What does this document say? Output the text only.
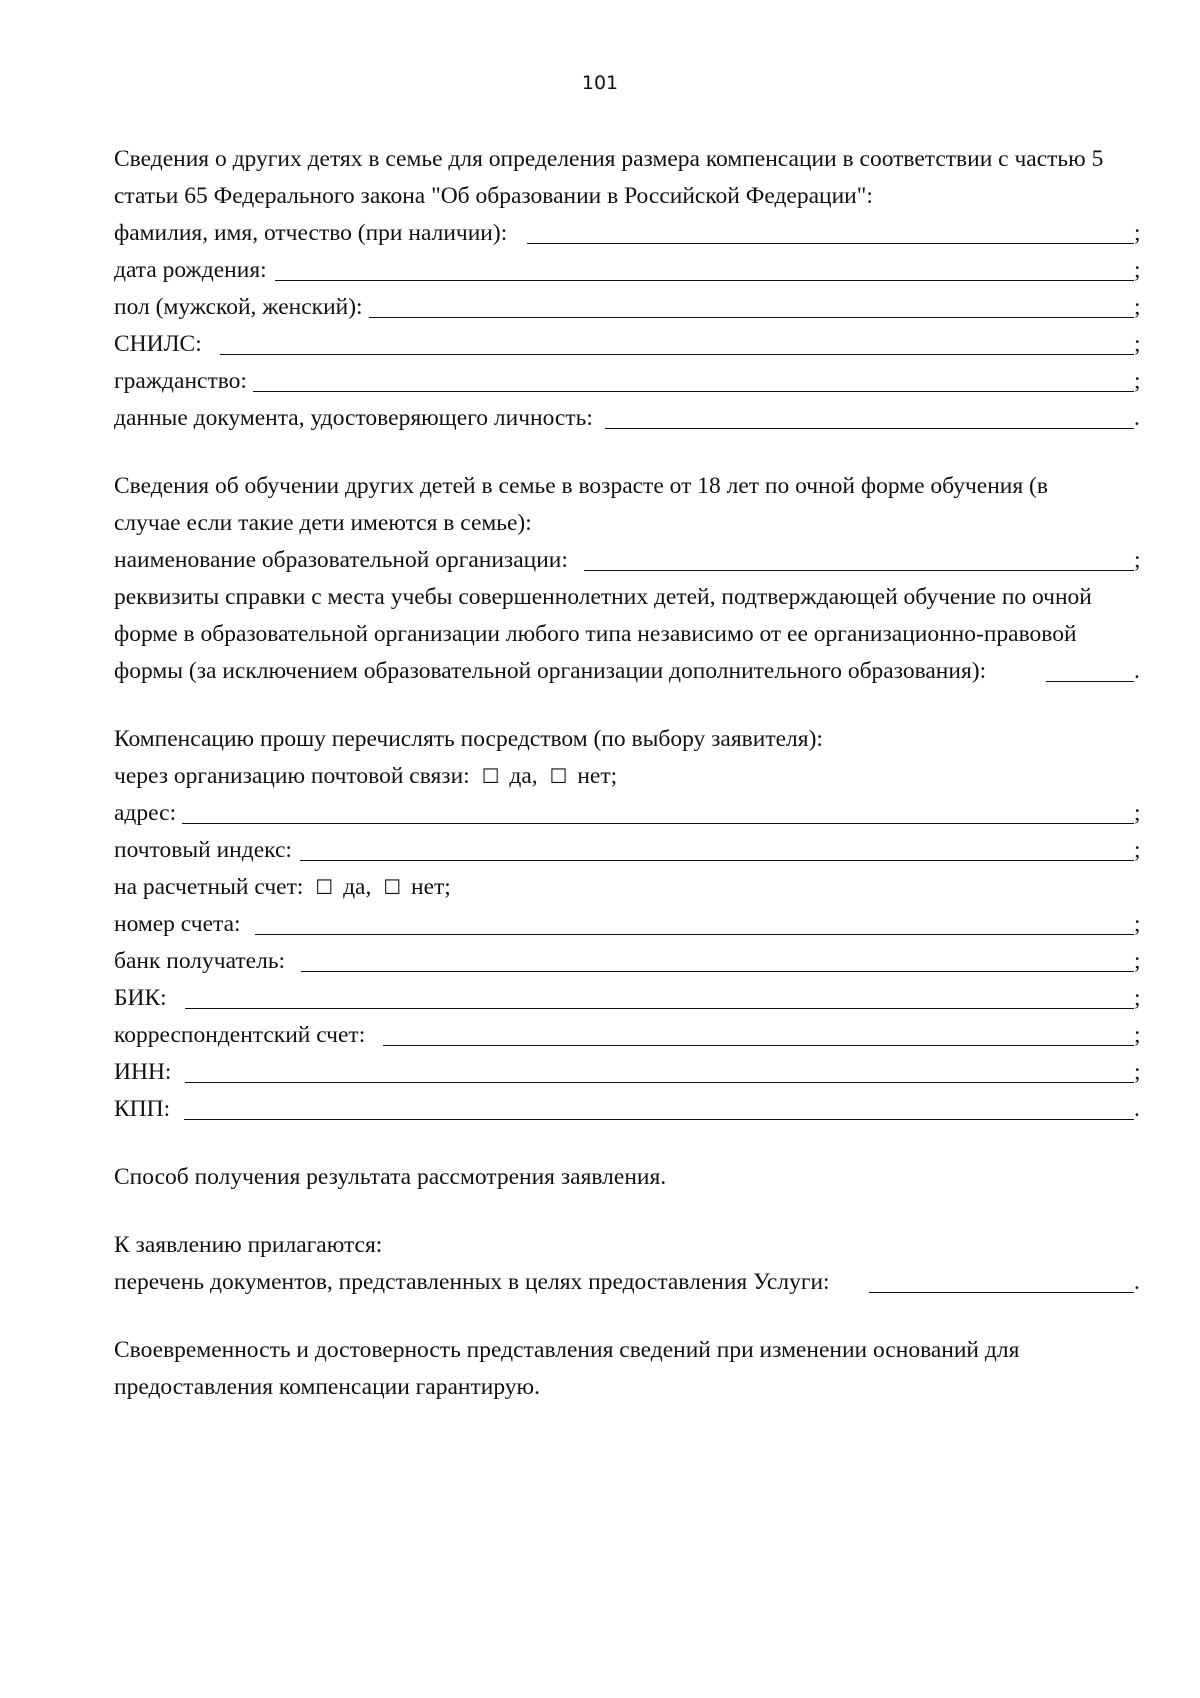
101
Сведения о других детях в семье для определения размера компенсации в соответствии с частью 5
статьи 65 Федерального закона "Об образовании в Российской Федерации":
фамилия, имя, отчество (при наличии):	;
дата рождения:	;
пол (мужской, женский):	;
СНИЛС:	;
гражданство:	;
данные документа, удостоверяющего личность:	.
Сведения об обучении других детей в семье в возрасте от 18 лет по очной форме обучения (в
случае если такие дети имеются в семье):
наименование образовательной организации:	;
реквизиты справки с места учебы совершеннолетних детей, подтверждающей обучение по очной
форме в образовательной организации любого типа независимо от ее организационно-правовой
формы (за исключением образовательной организации дополнительного образования):	.
Компенсацию прошу перечислять посредством (по выбору заявителя):
через организацию почтовой связи: ☐ да, ☐ нет;
адрес:	;
почтовый индекс:	;
на расчетный счет: ☐ да, ☐ нет;
номер счета:	;
банк получатель:	;
БИК:	;
корреспондентский счет:	;
ИНН:	;
КПП:	.
Способ получения результата рассмотрения заявления.
К заявлению прилагаются:
перечень документов, представленных в целях предоставления Услуги:	.
Своевременность и достоверность представления сведений при изменении оснований для
предоставления компенсации гарантирую.
